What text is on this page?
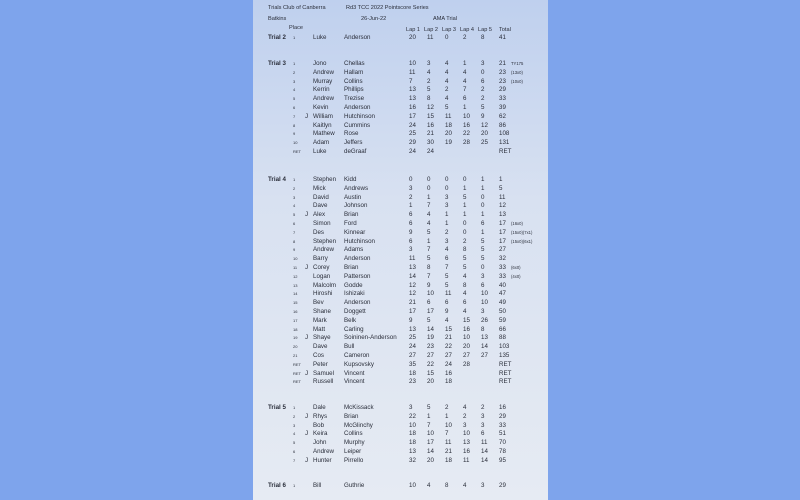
Trials Club of Canberra
Batkins
Rd3 TCC 2022 Pointscore Series
26-Jun-22	AMA Trial
Place	Lap 1 Lap 2 Lap 3 Lap 4 Lap 5 Total
Trial 2 1	Luke	Anderson	20 11 0 2 8 41
Trial 3 1	Jono	Chellas	10 3 4 1 3 21 TY175
2	Andrew Hallam	11 4 4 4 0 23 (13x0)
3	Murray Collins	7 2 4 4 6 23 (10x0)
4	Kerrin Phillips	13 5 2 7 2 29
5	Andrew Trezise	13 8 4 6 2 33
6	Kevin	Anderson	16 12 5 1 5 39
7 J William Hutchinson	17 15 11 10 9 62
8	Kaitlyn Cummins	24 16 18 16 12 86
9	Mathew Rose	25 21 20 22 20 108
10	Adam Jeffers	29 30 19 28 25 131
RET Luke	deGraaf	24 24	RET
Trial 4 1	Stephen Kidd	0 0 0 0 1 1
2	Mick	Andrews	3 0 0 1 1 5
3	David Austin	2 1 3 5 0 11
4	Dave	Johnson	1 7 3 1 0 12
5 J Alex	Brian	6 4 1 1 1 13
6	Simon Ford	6 4 1 0 6 17 (16x0)
7	Des	Kinnear	9 5 2 0 1 17 (15x0)(7x1)
8	Stephen Hutchinson	6 1 3 2 5 17 (15x0)(6x1)
9	Andrew Adams	3 7 4 8 5 27
10	Barry	Anderson	11 5 6 5 5 32
11 J Corey Brian	13 8 7 5 0 33 (6x0)
12	Logan Patterson	14 7 5 4 3 33 (4x0)
13	Malcolm Godde	12 9 5 8 6 40
14	Hiroshi Ishizaki	12 10 11 4 10 47
15	Bev	Anderson	21 6 6 6 10 49
16	Shane Doggett	17 17 9 4 3 50
17	Mark	Belk	9 5 4 15 26 59
18	Matt	Carling	13 14 15 16 8 66
19 J Shaye Soininen-Anderson 25 19 21 10 13 88
20	Dave	Bull	24 23 22 20 14 103
21	Cos	Cameron	27 27 27 27 27 135
RET Peter	Kupsovsky	35 22 24 28	RET
RET J Samuel Vincent	18 15 16	RET
RET Russell Vincent	23 20 18	RET
Trial 5 1	Dale	McKissack	3 5 2 4 2 16
2 J Rhys	Brian	22 1 1 2 3 29
3	Bob	McGlinchy	10 7 10 3 3 33
4 J Keira	Collins	18 10 7 10 6 51
5	John	Murphy	18 17 11 13 11 70
6	Andrew Leiper	13 14 21 16 14 78
7 J Hunter Pirrello	32 20 18 11 14 95
Trial 6 1	Bill	Guthrie	10 4 8 4 3 29
